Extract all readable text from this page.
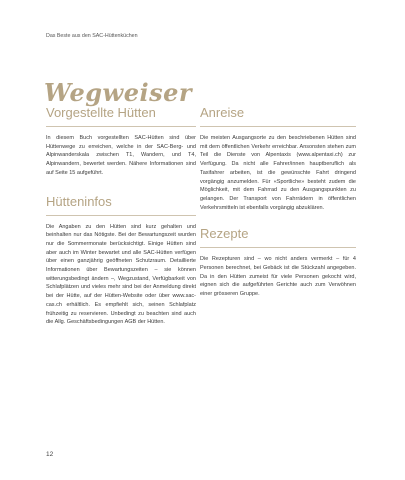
Das Beste aus den SAC-Hüttenküchen
Wegweiser
Vorgestellte Hütten

In diesem Buch vorgestellten SAC-Hütten sind über Hüttenwege zu erreichen, welche in der SAC-Berg- und Alpinwanderskala zwischen T1, Wandern, und T4, Alpinwandern, bewertet werden. Nähere Informationen sind auf Seite 15 aufgeführt.

Hütteninfos

Die Angaben zu den Hütten sind kurz gehalten und beinhalten nur das Nötigste. Bei der Bewartungszeit wurden nur die Sommermonate berücksichtigt. Einige Hütten sind aber auch im Winter bewartet und alle SAC-Hütten verfügen über einen ganzjährig geöffneten Schutzraum. Detaillierte Informationen über Bewartungszeiten – sie können witterungsbedingt ändern –, Wegzustand, Verfügbarkeit von Schlafplätzen und vieles mehr sind bei der Anmeldung direkt bei der Hütte, auf der Hütten-Website oder über www.sac-cas.ch erhältlich. Es empfiehlt sich, seinen Schlafplatz frühzeitig zu reservieren. Unbedingt zu beachten sind auch die Allg. Geschäftsbedingungen AGB der Hütten.

Anreise

Die meisten Ausgangsorte zu den beschriebenen Hütten sind mit dem öffentlichen Verkehr erreichbar. Ansonsten stehen zum Teil die Dienste von Alpentaxis (www.alpentaxi.ch) zur Verfügung. Da nicht alle Fahrer/innen hauptberuflich als Taxifahrer arbeiten, ist die gewünschte Fahrt dringend vorgängig anzumelden. Für «Sportliche» besteht zudem die Möglichkeit, mit dem Fahrrad zu den Ausgangspunkten zu gelangen. Der Transport von Fahrrädern in öffentlichen Verkehrsmitteln ist ebenfalls vorgängig abzuklären.

Rezepte

Die Rezepturen sind – wo nicht anders vermerkt – für 4 Personen berechnet, bei Gebäck ist die Stückzahl angegeben. Da in den Hütten zumeist für viele Personen gekocht wird, eignen sich die aufgeführten Gerichte auch zum Verwöhnen einer grösseren Gruppe.

12
